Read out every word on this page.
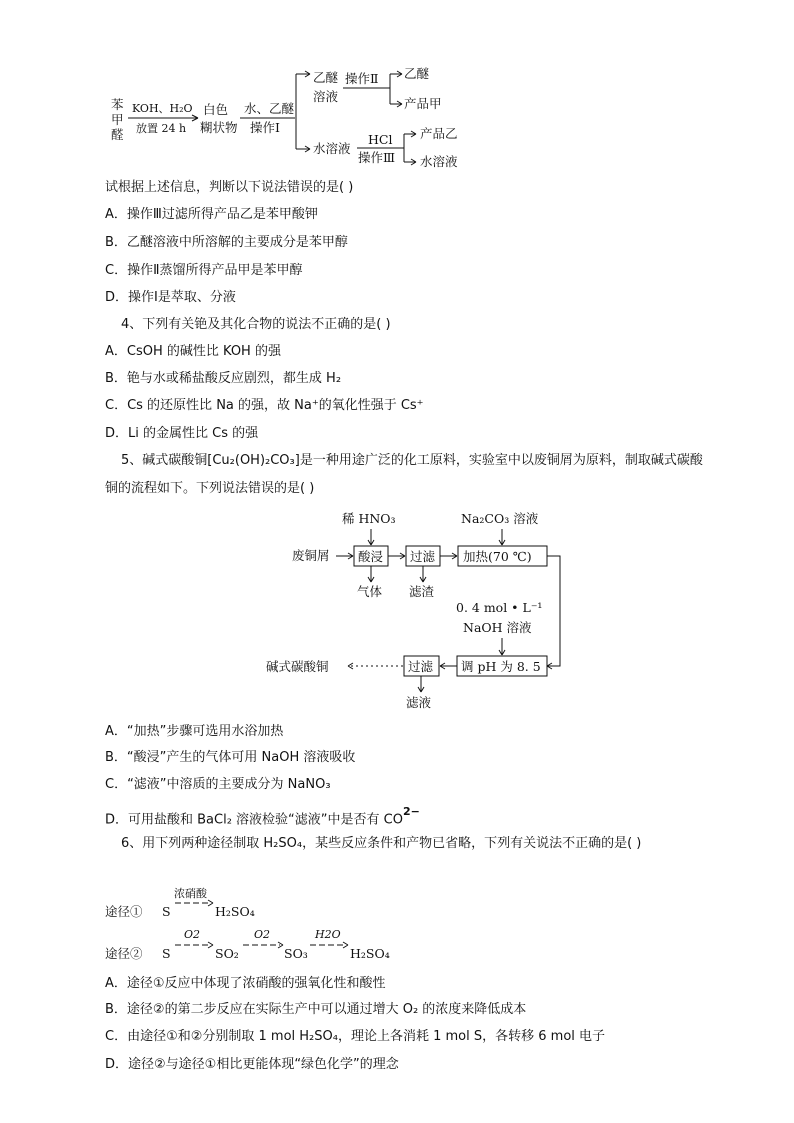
苯
甲
醛
KOH、H₂O
放置 24 h
白色
糊状物
水、乙醚
操作Ⅰ
乙醚
溶液
操作Ⅱ 乙醚
产品甲
水溶液
HCl
操作Ⅲ
产品乙
水溶液
试根据上述信息，判断以下说法错误的是( )
A．操作Ⅲ过滤所得产品乙是苯甲酸钾
B．乙醚溶液中所溶解的主要成分是苯甲醇
C．操作Ⅱ蒸馏所得产品甲是苯甲醇
D．操作Ⅰ是萃取、分液
4、下列有关铯及其化合物的说法不正确的是( )
A．CsOH 的碱性比 KOH 的强
B．铯与水或稀盐酸反应剧烈，都生成 H₂
C．Cs 的还原性比 Na 的强，故 Na⁺的氧化性强于 Cs⁺
D．Li 的金属性比 Cs 的强
5、碱式碳酸铜[Cu₂(OH)₂CO₃]是一种用途广泛的化工原料，实验室中以废铜屑为原料，制取碱式碳酸
铜的流程如下。下列说法错误的是( )
稀 HNO₃	Na₂CO₃ 溶液
废铜屑 酸浸 过滤 加热(70 ℃)
气体 滤渣
0. 4 mol • L⁻¹
NaOH 溶液
调 pH 为 8. 5
过滤
碱式碳酸铜
滤液
A．“加热”步骤可选用水浴加热
B．“酸浸”产生的气体可用 NaOH 溶液吸收
C．“滤液”中溶质的主要成分为 NaNO₃
D．可用盐酸和 BaCl₂ 溶液检验“滤液”中是否有 $CO^{2-}$
6、用下列两种途径制取 H₂SO₄，某些反应条件和产物已省略，下列有关说法不正确的是( )
途径①
浓硝酸
S	H₂SO₄
途径② S
O2
SO₂
O2
SO₃
H2O
H₂SO₄
A．途径①反应中体现了浓硝酸的强氧化性和酸性
B．途径②的第二步反应在实际生产中可以通过增大 O₂ 的浓度来降低成本
C．由途径①和②分别制取 1 mol H₂SO₄，理论上各消耗 1 mol S，各转移 6 mol 电子
D．途径②与途径①相比更能体现“绿色化学”的理念
